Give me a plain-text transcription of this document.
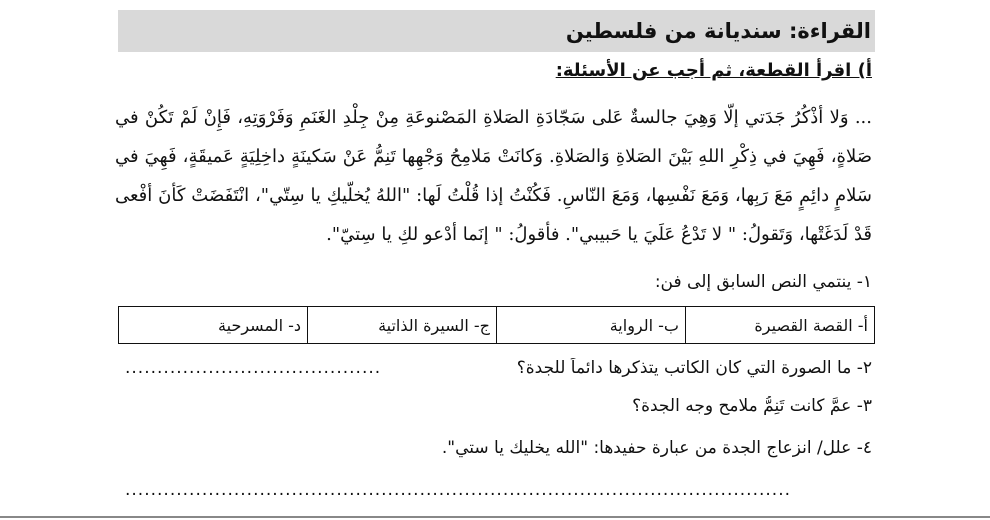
القراءة: سنديانة من فلسطين
أ) اقرأ القطعة، ثم أجب عن الأسئلة:
... وَلا أذْكُرُ جَدَتي إلّا وَهِيَ جالسةٌ عَلى سَجّادَةِ الصَلاةِ المَصْنوعَةِ مِنْ جِلْدِ الغَنَمِ وَفَرْوَتِهِ، فَإِنْ لَمْ تَكُنْ في صَلاةٍ، فَهِيَ في ذِكْرِ اللهِ بَيْنَ الصَلاةِ وَالصَلاةِ. وَكانَتْ مَلامِحُ وَجْهِها تَنِمُّ عَنْ سَكينَةٍ داخِلِيَةٍ عَميقَةٍ، فَهِيَ في سَلامٍ دائِمٍ مَعَ رَبِها، وَمَعَ نَفْسِها، وَمَعَ النّاسِ. فَكُنْتُ إذا قُلْتُ لَها: "اللهُ يُخلّيكِ يا سِتّي"، انْتَفَضَتْ كَأنَ أفْعى قَدْ لَدَغَتْها، وَتَقولُ: " لا تَدْعُ عَلَيَ يا حَبيبي". فأقولُ: " إنَما أدْعو لكِ يا سِتيّ".
١- ينتمي النص السابق إلى فن:
أ- القصة القصيرة	ب- الرواية	ج- السيرة الذاتية	د- المسرحية
٢- ما الصورة التي كان الكاتب يتذكرها دائماً للجدة؟
٣- عمَّ كانت تَنِمُّ ملامح وجه الجدة؟
٤- علل/ انزعاج الجدة من عبارة حفيدها: "الله يخليك يا ستي".
........................................
........................................................................................................
